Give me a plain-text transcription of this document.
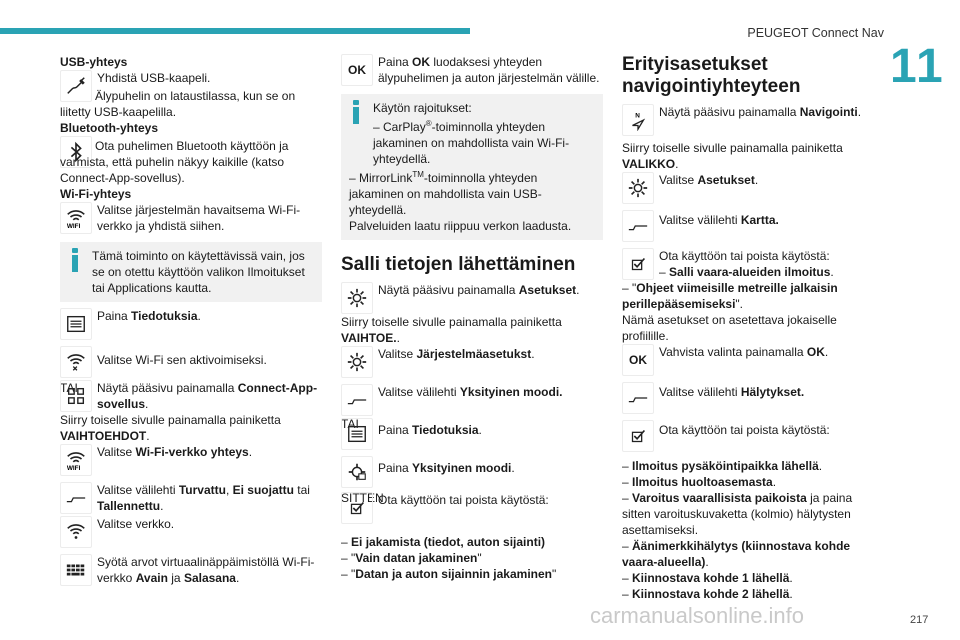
PEUGEOT Connect Nav
11

USB-yhteys

Yhdistä USB-kaapeli.

Älypuhelin on lataustilassa, kun se on liitetty USB-kaapelilla.

Bluetooth-yhteys

Ota puhelimen Bluetooth käyttöön ja varmista, että puhelin näkyy kaikille (katso Connect-App-sovellus).

Wi-Fi-yhteys

WIFI

Valitse järjestelmän havaitsema Wi-Fi-verkko ja yhdistä siihen.

Tämä toiminto on käytettävissä vain, jos se on otettu käyttöön valikon Ilmoitukset tai Applications kautta.

Paina Tiedotuksia.

Valitse Wi-Fi sen aktivoimiseksi.

TAI	Näytä pääsivu painamalla Connect-App-sovellus.

Siirry toiselle sivulle painamalla painiketta VAIHTOEHDOT.

WIFI

Valitse Wi-Fi-verkko yhteys.

Valitse välilehti Turvattu, Ei suojattu tai Tallennettu.

Valitse verkko.

Syötä arvot virtuaalinäppäimistöllä Wi-Fi-verkko Avain ja Salasana.

OK

Paina OK luodaksesi yhteyden älypuhelimen ja auton järjestelmän välille.

Käytön rajoitukset:

– CarPlay®-toiminnolla yhteyden jakaminen on mahdollista vain Wi-Fi-yhteydellä.

– MirrorLink™-toiminnolla yhteyden jakaminen on mahdollista vain USB-yhteydellä.

Palveluiden laatu riippuu verkon laadusta.

Salli tietojen lähettäminen

Näytä pääsivu painamalla Asetukset.

Siirry toiselle sivulle painamalla painiketta VAIHTOE..

Valitse Järjestelmäasetukst.

Valitse välilehti Yksityinen moodi.

TAI	Paina Tiedotuksia.

Paina Yksityinen moodi.

SITTEN

Ota käyttöön tai poista käytöstä:

– Ei jakamista (tiedot, auton sijainti)

– "Vain datan jakaminen"

– "Datan ja auton sijainnin jakaminen"

Erityisasetukset navigointiyhteyteen
N Näytä pääsivu painamalla Navigointi.

Siirry toiselle sivulle painamalla painiketta VALIKKO.

Valitse Asetukset.

Valitse välilehti Kartta.

Ota käyttöön tai poista käytöstä:

– Salli vaara-alueiden ilmoitus.

– "Ohjeet viimeisille metreille jalkaisin perillepääsemiseksi".

Nämä asetukset on asetettava jokaiselle profiilille.

OK

Vahvista valinta painamalla OK.

Valitse välilehti Hälytykset.

Ota käyttöön tai poista käytöstä:

– Ilmoitus pysäköintipaikka lähellä.

– Ilmoitus huoltoasemasta.

– Varoitus vaarallisista paikoista ja paina sitten varoituskuvaketta (kolmio) hälytysten asettamiseksi.

– Äänimerkkihälytys (kiinnostava kohde vaara-alueella).

– Kiinnostava kohde 1 lähellä.

– Kiinnostava kohde 2 lähellä.

carmanualsonline.info	217
